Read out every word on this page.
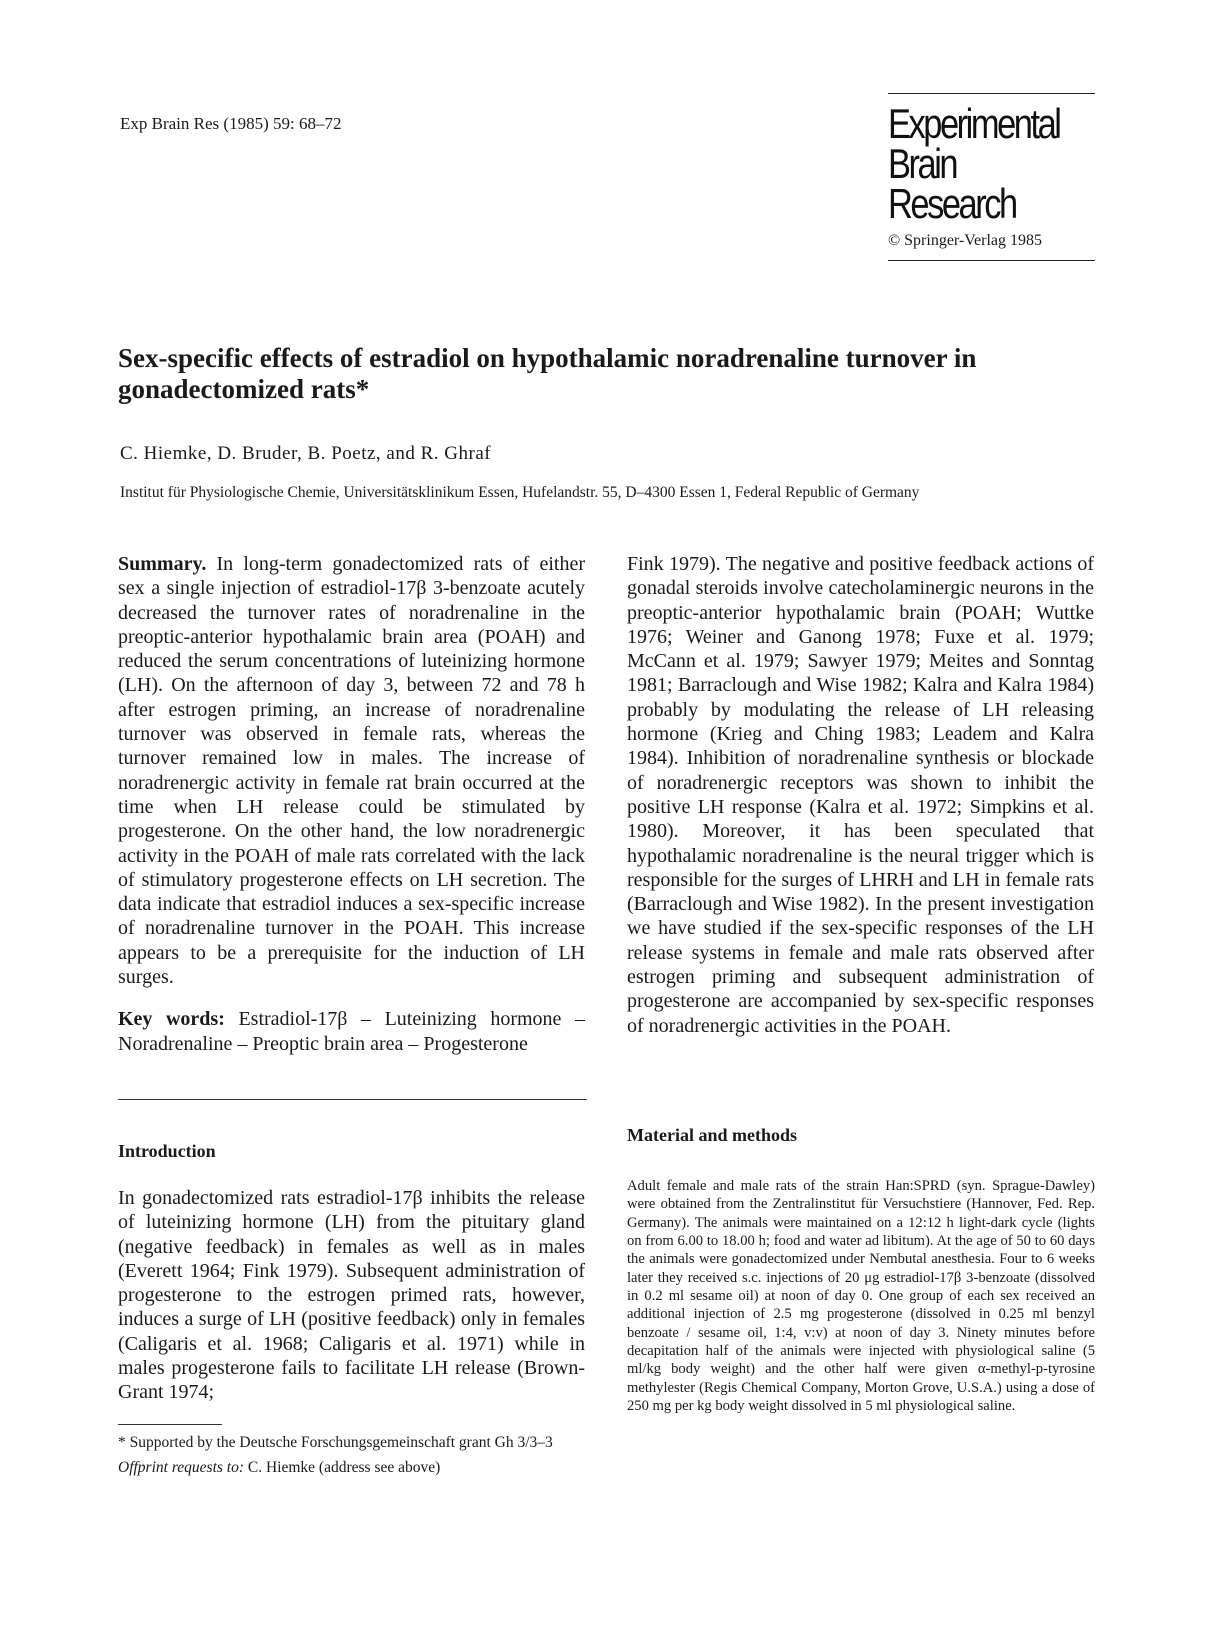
Exp Brain Res (1985) 59: 68–72	Experimental
Brain Research
© Springer-Verlag 1985
Sex-specific effects of estradiol on hypothalamic noradrenaline turnover in gonadectomized rats*
C. Hiemke, D. Bruder, B. Poetz, and R. Ghraf
Institut für Physiologische Chemie, Universitätsklinikum Essen, Hufelandstr. 55, D–4300 Essen 1, Federal Republic of Germany

Summary. In long-term gonadectomized rats of either sex a single injection of estradiol-17β 3-benzoate acutely decreased the turnover rates of noradrenaline in the preoptic-anterior hypothalamic brain area (POAH) and reduced the serum concentrations of luteinizing hormone (LH). On the afternoon of day 3, between 72 and 78 h after estrogen priming, an increase of noradrenaline turnover was observed in female rats, whereas the turnover remained low in males. The increase of noradrenergic activity in female rat brain occurred at the time when LH release could be stimulated by progesterone. On the other hand, the low noradrenergic activity in the POAH of male rats correlated with the lack of stimulatory progesterone effects on LH secretion. The data indicate that estradiol induces a sex-specific increase of noradrenaline turnover in the POAH. This increase appears to be a prerequisite for the induction of LH surges.

Key words: Estradiol-17β – Luteinizing hormone – Noradrenaline – Preoptic brain area – Progesterone

Fink 1979). The negative and positive feedback actions of gonadal steroids involve catecholaminergic neurons in the preoptic-anterior hypothalamic brain (POAH; Wuttke 1976; Weiner and Ganong 1978; Fuxe et al. 1979; McCann et al. 1979; Sawyer 1979; Meites and Sonntag 1981; Barraclough and Wise 1982; Kalra and Kalra 1984) probably by modulating the release of LH releasing hormone (Krieg and Ching 1983; Leadem and Kalra 1984). Inhibition of noradrenaline synthesis or blockade of noradrenergic receptors was shown to inhibit the positive LH response (Kalra et al. 1972; Simpkins et al. 1980). Moreover, it has been speculated that hypothalamic noradrenaline is the neural trigger which is responsible for the surges of LHRH and LH in female rats (Barraclough and Wise 1982). In the present investigation we have studied if the sex-specific responses of the LH release systems in female and male rats observed after estrogen priming and subsequent administration of progesterone are accompanied by sex-specific responses of noradrenergic activities in the POAH.

Introduction
In gonadectomized rats estradiol-17β inhibits the release of luteinizing hormone (LH) from the pituitary gland (negative feedback) in females as well as in males (Everett 1964; Fink 1979). Subsequent administration of progesterone to the estrogen primed rats, however, induces a surge of LH (positive feedback) only in females (Caligaris et al. 1968; Caligaris et al. 1971) while in males progesterone fails to facilitate LH release (Brown-Grant 1974;
Material and methods
Adult female and male rats of the strain Han:SPRD (syn. Sprague-Dawley) were obtained from the Zentralinstitut für Versuchstiere (Hannover, Fed. Rep. Germany). The animals were maintained on a 12:12 h light-dark cycle (lights on from 6.00 to 18.00 h; food and water ad libitum). At the age of 50 to 60 days the animals were gonadectomized under Nembutal anesthesia. Four to 6 weeks later they received s.c. injections of 20 μg estradiol-17β 3-benzoate (dissolved in 0.2 ml sesame oil) at noon of day 0. One group of each sex received an additional injection of 2.5 mg progesterone (dissolved in 0.25 ml benzyl benzoate / sesame oil, 1:4, v:v) at noon of day 3. Ninety minutes before decapitation half of the animals were injected with physiological saline (5 ml/kg body weight) and the other half were given α-methyl-p-tyrosine methylester (Regis Chemical Company, Morton Grove, U.S.A.) using a dose of 250 mg per kg body weight dissolved in 5 ml physiological saline.

* Supported by the Deutsche Forschungsgemeinschaft grant Gh 3/3–3

Offprint requests to: C. Hiemke (address see above)
